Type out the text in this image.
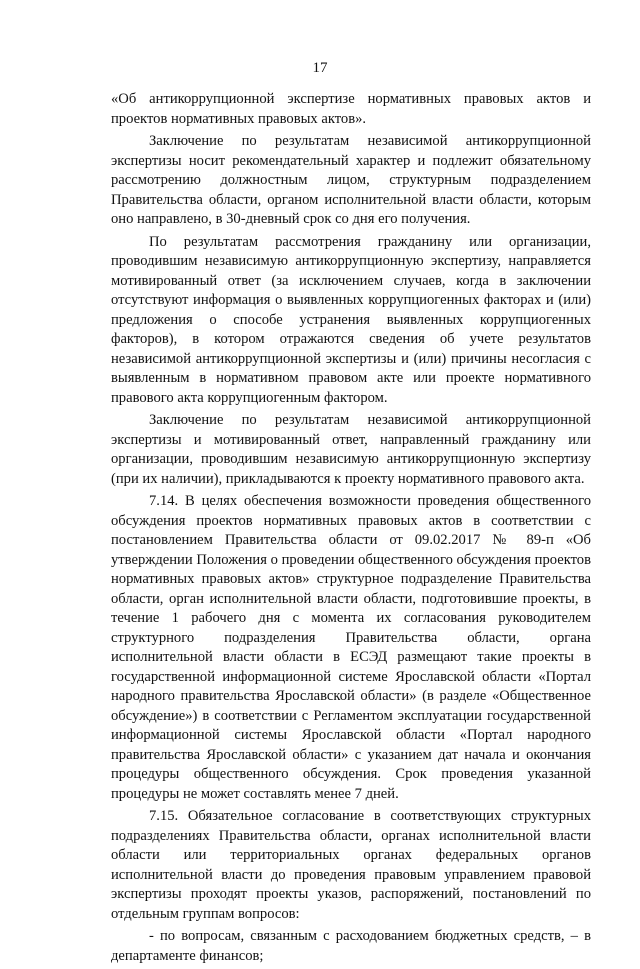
17

«Об антикоррупционной экспертизе нормативных правовых актов и проектов нормативных правовых актов».

Заключение по результатам независимой антикоррупционной экспертизы носит рекомендательный характер и подлежит обязательному рассмотрению должностным лицом, структурным подразделением Правительства области, органом исполнительной власти области, которым оно направлено, в 30-дневный срок со дня его получения.

По результатам рассмотрения гражданину или организации, проводившим независимую антикоррупционную экспертизу, направляется мотивированный ответ (за исключением случаев, когда в заключении отсутствуют информация о выявленных коррупциогенных факторах и (или) предложения о способе устранения выявленных коррупциогенных факторов), в котором отражаются сведения об учете результатов независимой антикоррупционной экспертизы и (или) причины несогласия с выявленным в нормативном правовом акте или проекте нормативного правового акта коррупциогенным фактором.

Заключение по результатам независимой антикоррупционной экспертизы и мотивированный ответ, направленный гражданину или организации, проводившим независимую антикоррупционную экспертизу (при их наличии), прикладываются к проекту нормативного правового акта.

7.14. В целях обеспечения возможности проведения общественного обсуждения проектов нормативных правовых актов в соответствии с постановлением Правительства области от 09.02.2017 № 89-п «Об утверждении Положения о проведении общественного обсуждения проектов нормативных правовых актов» структурное подразделение Правительства области, орган исполнительной власти области, подготовившие проекты, в течение 1 рабочего дня с момента их согласования руководителем структурного подразделения Правительства области, органа исполнительной власти области в ЕСЭД размещают такие проекты в государственной информационной системе Ярославской области «Портал народного правительства Ярославской области» (в разделе «Общественное обсуждение») в соответствии с Регламентом эксплуатации государственной информационной системы Ярославской области «Портал народного правительства Ярославской области» с указанием дат начала и окончания процедуры общественного обсуждения. Срок проведения указанной процедуры не может составлять менее 7 дней.

7.15. Обязательное согласование в соответствующих структурных подразделениях Правительства области, органах исполнительной власти области или территориальных органах федеральных органов исполнительной власти до проведения правовым управлением правовой экспертизы проходят проекты указов, распоряжений, постановлений по отдельным группам вопросов:

- по вопросам, связанным с расходованием бюджетных средств, – в департаменте финансов;
